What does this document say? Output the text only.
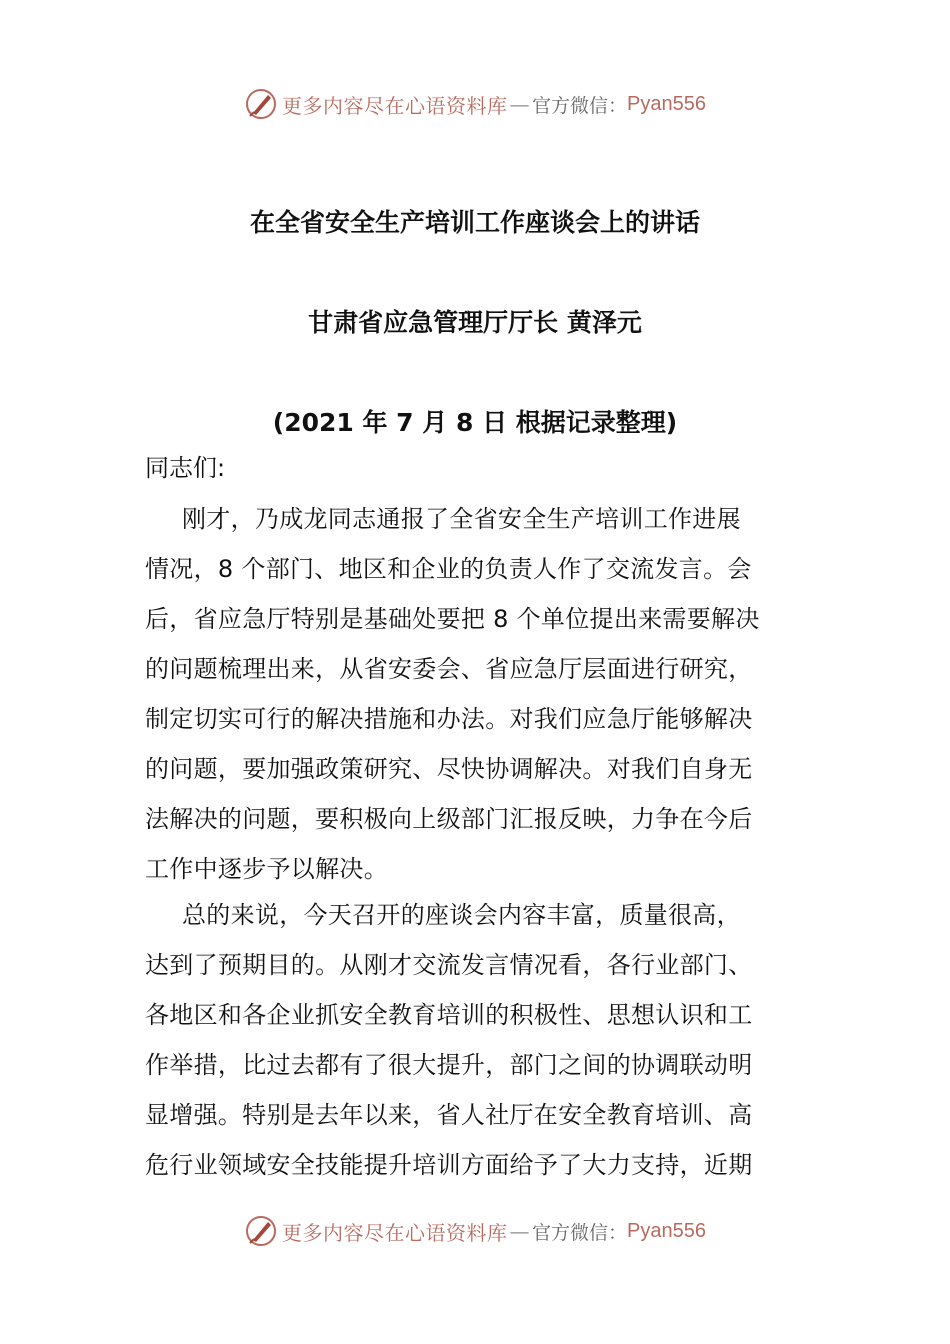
更多内容尽在心语资料库 — 官方微信： Pyan556
在全省安全生产培训工作座谈会上的讲话
甘肃省应急管理厅厅长 黄泽元
(2021 年 7 月 8 日 根据记录整理)
同志们:
刚才，乃成龙同志通报了全省安全生产培训工作进展
情况，8 个部门、地区和企业的负责人作了交流发言。会
后，省应急厅特别是基础处要把 8 个单位提出来需要解决
的问题梳理出来，从省安委会、省应急厅层面进行研究，
制定切实可行的解决措施和办法。对我们应急厅能够解决
的问题，要加强政策研究、尽快协调解决。对我们自身无
法解决的问题，要积极向上级部门汇报反映，力争在今后
工作中逐步予以解决。
总的来说，今天召开的座谈会内容丰富，质量很高，
达到了预期目的。从刚才交流发言情况看，各行业部门、
各地区和各企业抓安全教育培训的积极性、思想认识和工
作举措，比过去都有了很大提升，部门之间的协调联动明
显增强。特别是去年以来，省人社厅在安全教育培训、高
危行业领域安全技能提升培训方面给予了大力支持，近期
更多内容尽在心语资料库 — 官方微信： Pyan556
